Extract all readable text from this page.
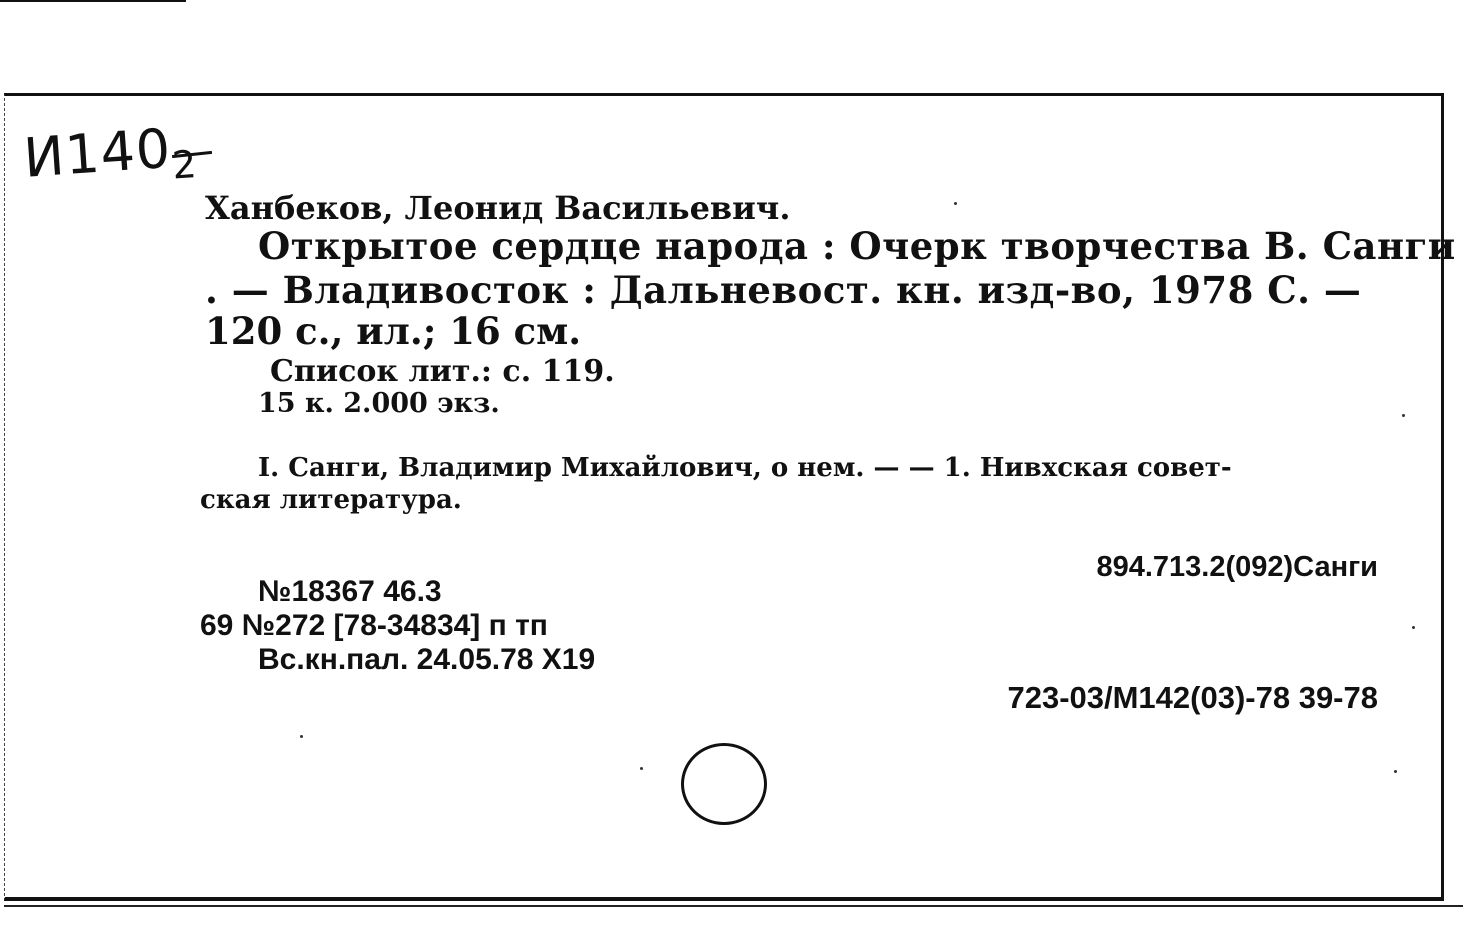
$И140_2$
Ханбеков, Леонид Васильевич.
Открытое сердце народа : Очерк творчества В. Санги
. — Владивосток : Дальневост. кн. изд-во, 1978 С. —
120 с., ил.; 16 см.
Список лит.: с. 119.
15 к. 2.000 экз.
I. Санги, Владимир Михайлович, о нем. — — 1. Нивхская совет-
ская литература.
894.713.2(092)Санги
№18367 46.3
69 №272 [78-34834] п тп
Вс.кн.пал. 24.05.78 Х19
723-03/М142(03)-78 39-78
